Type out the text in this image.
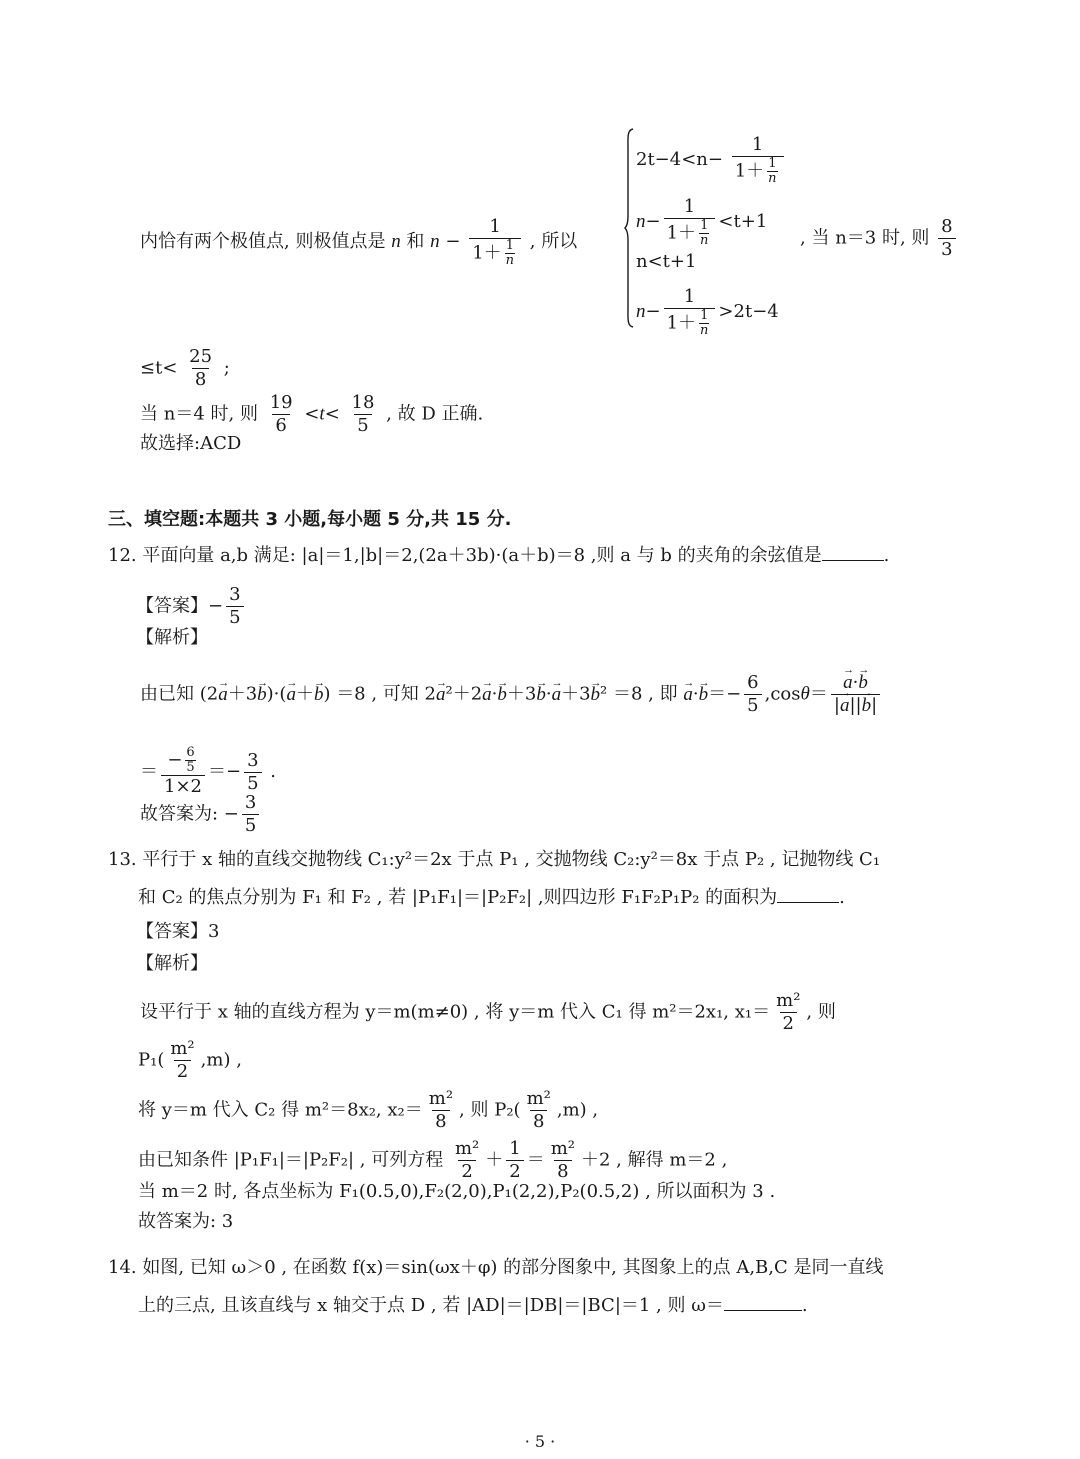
内恰有两个极值点, 则极值点是 n 和 $n - \frac{1}{1+ \frac{1}{n}}$ , 所以
$2t-4<n- \frac{1}{1+ \frac{1}{n}}$
$n- \frac{1}{1+ \frac{1}{n}} <t+1$
n<t+1
$n- \frac{1}{1+ \frac{1}{n}} >2t-4$
, 当 n＝3 时, 则 $\frac{8}{3}$
$\le t< \frac{25}{8}$ ;
当 n＝4 时, 则 $\frac{19}{6} <t< \frac{18}{5}$ , 故 D 正确.
故选择:ACD
三、填空题:本题共 3 小题,每小题 5 分,共 15 分.
12. 平面向量 a,b 满足: |a|＝1,|b|＝2,(2a＋3b)·(a＋b)＝8 ,则 a 与 b 的夹角的余弦值是	.
【答案】− $\frac{3}{5}$
【解析】
由已知 (2→ a＋3→ b)·(→ a＋→ b) ＝8 , 可知 2→ a²＋2→ a·→ b＋3→ b·→ a＋3→ b² ＝8 , 即 → $a\cdot\to b=- \frac{6}{5} ,\cos\theta=$
→ $\frac{a\cdot\to b}{|\to a||\to b|}$
＝ $\frac{- \frac{6}{5}}{1\times 2} =- \frac{3}{5}$ .
故答案为: − $\frac{3}{5}$
13. 平行于 x 轴的直线交抛物线 C₁:y²＝2x 于点 P₁ , 交抛物线 C₂:y²＝8x 于点 P₂ , 记抛物线 C₁
和 C₂ 的焦点分别为 F₁ 和 F₂ , 若 |P₁F₁|＝|P₂F₂| ,则四边形 F₁F₂P₁P₂ 的面积为	.
【答案】3
【解析】
设平行于 x 轴的直线方程为 y＝m(m≠0) , 将 y＝m 代入 C₁ 得 m²＝2x₁, $x_1= \frac{\text{m²}}{2}$ , 则
$P_1( \frac{\text{m²}}{2} ,m)$ ,
将 y＝m 代入 C₂ 得 m²＝8x₂, $x_2= \frac{\text{m²}}{8}$ , 则 $P_2( \frac{\text{m²}}{8} ,m)$ ,
由已知条件 |P₁F₁|＝|P₂F₂| , 可列方程 $\frac{\text{m²}}{2} + \frac{1}{2} = \frac{\text{m²}}{8} +2$ , 解得 m＝2 ,
当 m＝2 时, 各点坐标为 F₁(0.5,0),F₂(2,0),P₁(2,2),P₂(0.5,2) , 所以面积为 3 .
故答案为: 3
14. 如图, 已知 ω＞0 , 在函数 f(x)＝sin(ωx＋φ) 的部分图象中, 其图象上的点 A,B,C 是同一直线
上的三点, 且该直线与 x 轴交于点 D , 若 |AD|＝|DB|＝|BC|＝1 , 则 ω＝	.
· 5 ·
